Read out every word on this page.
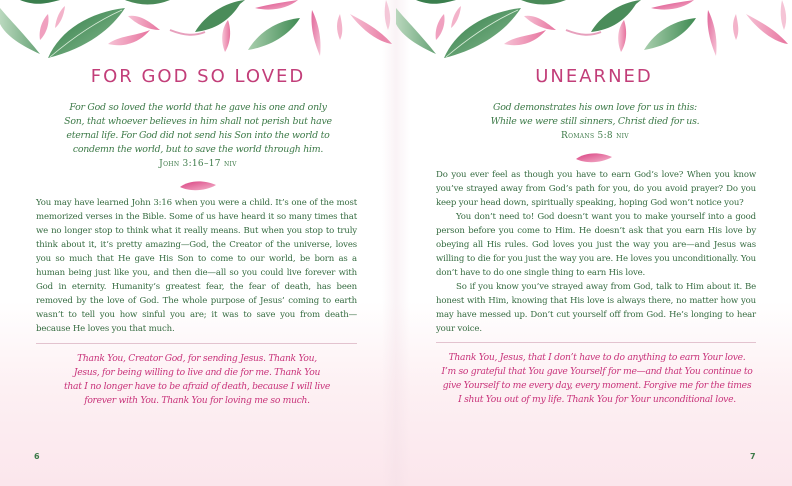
FOR GOD SO LOVED
For God so loved the world that he gave his one and only
Son, that whoever believes in him shall not perish but have
eternal life. For God did not send his Son into the world to
condemn the world, but to save the world through him.
John 3:16–17 niv

You may have learned John 3:16 when you were a child. It’s one of the most memorized verses in the Bible. Some of us have heard it so many times that we no longer stop to think what it really means. But when you stop to truly think about it, it’s pretty amazing—God, the Creator of the universe, loves you so much that He gave His Son to come to our world, be born as a human being just like you, and then die—all so you could live forever with God in eternity. Humanity’s greatest fear, the fear of death, has been removed by the love of God. The whole purpose of Jesus’ coming to earth wasn’t to tell you how sinful you are; it was to save you from death—because He loves you that much.

Thank You, Creator God, for sending Jesus. Thank You,
Jesus, for being willing to live and die for me. Thank You
that I no longer have to be afraid of death, because I will live
forever with You. Thank You for loving me so much.
6
UNEARNED
God demonstrates his own love for us in this:
While we were still sinners, Christ died for us.
Romans 5:8 niv

Do you ever feel as though you have to earn God’s love? When you know you’ve strayed away from God’s path for you, do you avoid prayer? Do you keep your head down, spiritually speaking, hoping God won’t notice you?

You don’t need to! God doesn’t want you to make yourself into a good person before you come to Him. He doesn’t ask that you earn His love by obeying all His rules. God loves you just the way you are—and Jesus was willing to die for you just the way you are. He loves you unconditionally. You don’t have to do one single thing to earn His love.

So if you know you’ve strayed away from God, talk to Him about it. Be honest with Him, knowing that His love is always there, no matter how you may have messed up. Don’t cut yourself off from God. He’s longing to hear your voice.

Thank You, Jesus, that I don’t have to do anything to earn Your love.
I’m so grateful that You gave Yourself for me—and that You continue to
give Yourself to me every day, every moment. Forgive me for the times
I shut You out of my life. Thank You for Your unconditional love.
7
